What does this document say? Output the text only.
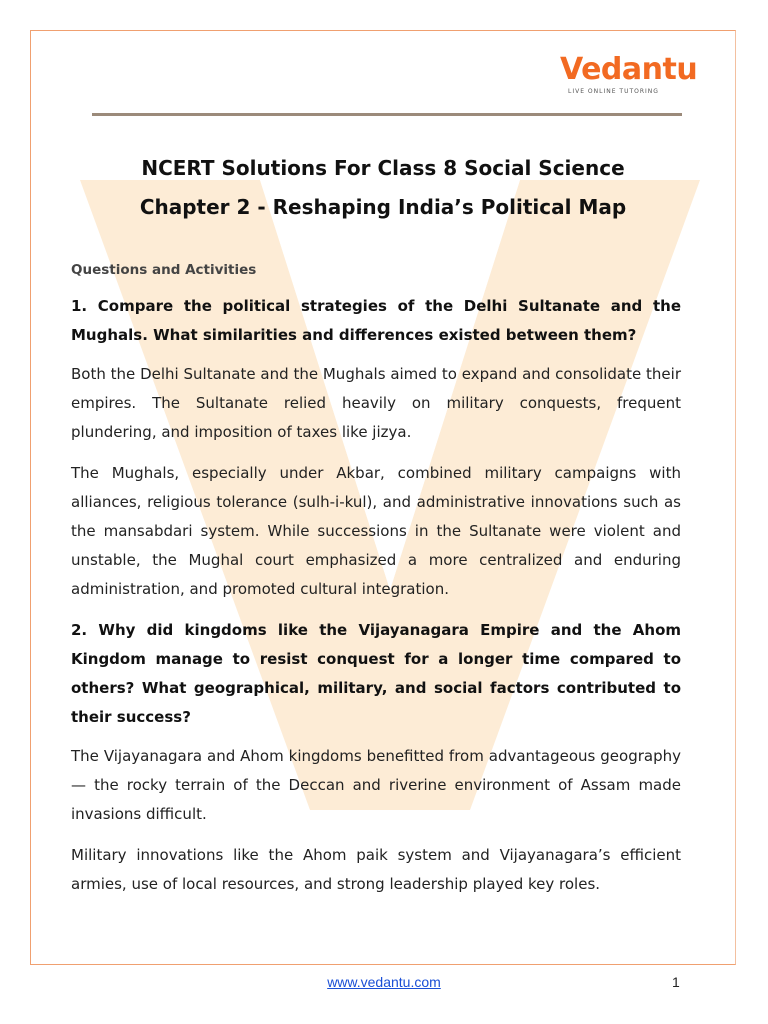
Vedantu
LIVE ONLINE TUTORING
NCERT Solutions For Class 8 Social Science
Chapter 2 - Reshaping India’s Political Map
Questions and Activities
1. Compare the political strategies of the Delhi Sultanate and the Mughals. What similarities and differences existed between them?
Both the Delhi Sultanate and the Mughals aimed to expand and consolidate their empires. The Sultanate relied heavily on military conquests, frequent plundering, and imposition of taxes like jizya.
The Mughals, especially under Akbar, combined military campaigns with alliances, religious tolerance (sulh-i-kul), and administrative innovations such as the mansabdari system. While successions in the Sultanate were violent and unstable, the Mughal court emphasized a more centralized and enduring administration, and promoted cultural integration.
2. Why did kingdoms like the Vijayanagara Empire and the Ahom Kingdom manage to resist conquest for a longer time compared to others? What geographical, military, and social factors contributed to their success?
The Vijayanagara and Ahom kingdoms benefitted from advantageous geography — the rocky terrain of the Deccan and riverine environment of Assam made invasions difficult.
Military innovations like the Ahom paik system and Vijayanagara’s efficient armies, use of local resources, and strong leadership played key roles.
www.vedantu.com	1
